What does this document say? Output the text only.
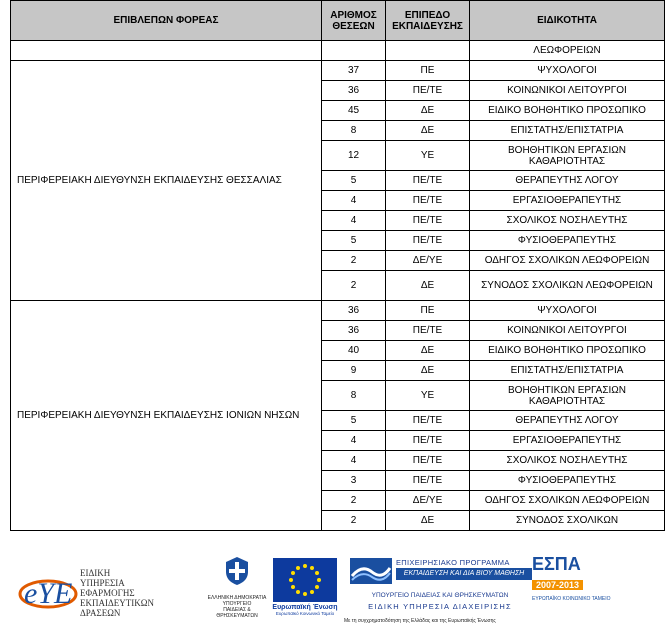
ΕΠΙΒΛΕΠΩΝ ΦΟΡΕΑΣ	ΑΡΙΘΜΟΣ ΘΕΣΕΩΝ	ΕΠΙΠΕΔΟ ΕΚΠΑΙΔΕΥΣΗΣ	ΕΙΔΙΚΟΤΗΤΑ
			ΛΕΩΦΟΡΕΙΩΝ
ΠΕΡΙΦΕΡΕΙΑΚΗ ΔΙΕΥΘΥΝΣΗ ΕΚΠΑΙΔΕΥΣΗΣ ΘΕΣΣΑΛΙΑΣ	37	ΠΕ	ΨΥΧΟΛΟΓΟΙ
	36	ΠΕ/ΤΕ	ΚΟΙΝΩΝΙΚΟΙ ΛΕΙΤΟΥΡΓΟΙ
	45	ΔΕ	ΕΙΔΙΚΟ ΒΟΗΘΗΤΙΚΟ ΠΡΟΣΩΠΙΚΟ
	8	ΔΕ	ΕΠΙΣΤΑΤΗΣ/ΕΠΙΣΤΑΤΡΙΑ
	12	ΥΕ	ΒΟΗΘΗΤΙΚΩΝ ΕΡΓΑΣΙΩΝ ΚΑΘΑΡΙΟΤΗΤΑΣ
	5	ΠΕ/ΤΕ	ΘΕΡΑΠΕΥΤΗΣ ΛΟΓΟΥ
	4	ΠΕ/ΤΕ	ΕΡΓΑΣΙΟΘΕΡΑΠΕΥΤΗΣ
	4	ΠΕ/ΤΕ	ΣΧΟΛΙΚΟΣ ΝΟΣΗΛΕΥΤΗΣ
	5	ΠΕ/ΤΕ	ΦΥΣΙΟΘΕΡΑΠΕΥΤΗΣ
	2	ΔΕ/ΥΕ	ΟΔΗΓΟΣ ΣΧΟΛΙΚΩΝ ΛΕΩΦΟΡΕΙΩΝ
	2	ΔΕ	ΣΥΝΟΔΟΣ ΣΧΟΛΙΚΩΝ ΛΕΩΦΟΡΕΙΩΝ
ΠΕΡΙΦΕΡΕΙΑΚΗ ΔΙΕΥΘΥΝΣΗ ΕΚΠΑΙΔΕΥΣΗΣ ΙΟΝΙΩΝ ΝΗΣΩΝ	36	ΠΕ	ΨΥΧΟΛΟΓΟΙ
	36	ΠΕ/ΤΕ	ΚΟΙΝΩΝΙΚΟΙ ΛΕΙΤΟΥΡΓΟΙ
	40	ΔΕ	ΕΙΔΙΚΟ ΒΟΗΘΗΤΙΚΟ ΠΡΟΣΩΠΙΚΟ
	9	ΔΕ	ΕΠΙΣΤΑΤΗΣ/ΕΠΙΣΤΑΤΡΙΑ
	8	ΥΕ	ΒΟΗΘΗΤΙΚΩΝ ΕΡΓΑΣΙΩΝ ΚΑΘΑΡΙΟΤΗΤΑΣ
	5	ΠΕ/ΤΕ	ΘΕΡΑΠΕΥΤΗΣ ΛΟΓΟΥ
	4	ΠΕ/ΤΕ	ΕΡΓΑΣΙΟΘΕΡΑΠΕΥΤΗΣ
	4	ΠΕ/ΤΕ	ΣΧΟΛΙΚΟΣ ΝΟΣΗΛΕΥΤΗΣ
	3	ΠΕ/ΤΕ	ΦΥΣΙΟΘΕΡΑΠΕΥΤΗΣ
	2	ΔΕ/ΥΕ	ΟΔΗΓΟΣ ΣΧΟΛΙΚΩΝ ΛΕΩΦΟΡΕΙΩΝ
	2	ΔΕ	ΣΥΝΟΔΟΣ ΣΧΟΛΙΚΩΝ
eYE
ΕΙΔΙΚΗ
ΥΠΗΡΕΣΙΑ
ΕΦΑΡΜΟΓΗΣ
ΕΚΠΑΙΔΕΥΤΙΚΩΝ
ΔΡΑΣΕΩΝ
ΕΛΛΗΝΙΚΗ ΔΗΜΟΚΡΑΤΙΑ
ΥΠΟΥΡΓΕΙΟ
ΠΑΙΔΕΙΑΣ & ΘΡΗΣΚΕΥΜΑΤΩΝ
Ευρωπαϊκή Ένωση
Ευρωπαϊκό Κοινωνικό Ταμείο
ΕΠΙΧΕΙΡΗΣΙΑΚΟ ΠΡΟΓΡΑΜΜΑ
ΕΚΠΑΙΔΕΥΣΗ ΚΑΙ ΔΙΑ ΒΙΟΥ ΜΑΘΗΣΗ
ΥΠΟΥΡΓΕΙΟ ΠΑΙΔΕΙΑΣ ΚΑΙ ΘΡΗΣΚΕΥΜΑΤΩΝ
ΕΙΔΙΚΗ ΥΠΗΡΕΣΙΑ ΔΙΑΧΕΙΡΙΣΗΣ
Με τη συγχρηματοδότηση της Ελλάδας και της Ευρωπαϊκής Ένωσης
ΕΣΠΑ
2007-2013
ΕΥΡΩΠΑΪΚΟ ΚΟΙΝΩΝΙΚΟ ΤΑΜΕΙΟ
